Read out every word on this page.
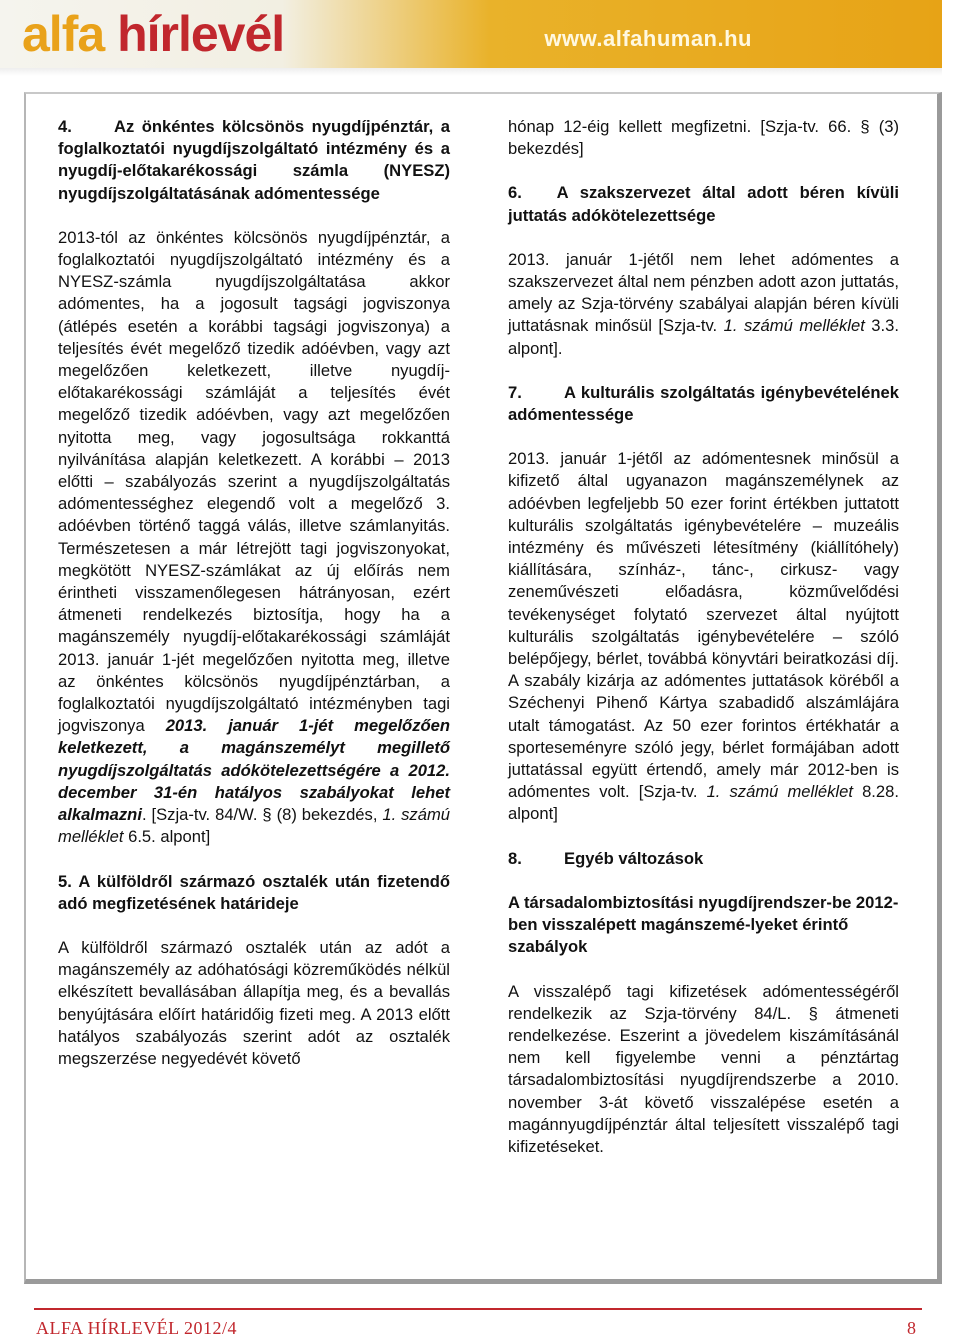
alfa hírlevél	www.alfahuman.hu
4.	Az önkéntes kölcsönös nyugdíjpénztár, a foglalkoztatói nyugdíjszolgáltató intézmény és a nyugdíj-előtakarékossági számla (NYESZ) nyugdíjszolgáltatásának adómentessége

2013-tól az önkéntes kölcsönös nyugdíjpénztár, a foglalkoztatói nyugdíjszolgáltató intézmény és a NYESZ-számla nyugdíjszolgáltatása akkor adómentes, ha a jogosult tagsági jogviszonya (átlépés esetén a korábbi tagsági jogviszonya) a teljesítés évét megelőző tizedik adóévben, vagy azt megelőzően keletkezett, illetve nyugdíj-előtakarékossági számláját a teljesítés évét megelőző tizedik adóévben, vagy azt megelőzően nyitotta meg, vagy jogosultsága rokkanttá nyilvánítása alapján keletkezett. A korábbi – 2013 előtti – szabályozás szerint a nyugdíjszolgáltatás adómentességhez elegendő volt a megelőző 3. adóévben történő taggá válás, illetve számlanyitás. Természetesen a már létrejött tagi jogviszonyokat, megkötött NYESZ-számlákat az új előírás nem érintheti visszamenőlegesen hátrányosan, ezért átmeneti rendelkezés biztosítja, hogy ha a magánszemély nyugdíj-előtakarékossági számláját 2013. január 1-jét megelőzően nyitotta meg, illetve az önkéntes kölcsönös nyugdíjpénztárban, a foglalkoztatói nyugdíjszolgáltató intézményben tagi jogviszonya 2013. január 1-jét megelőzően keletkezett, a magánszemélyt megillető nyugdíjszolgáltatás adókötelezettségére a 2012. december 31-én hatályos szabályokat lehet alkalmazni. [Szja-tv. 84/W. § (8) bekezdés, 1. számú melléklet 6.5. alpont]

5. A külföldről származó osztalék után fizetendő adó megfizetésének határideje

A külföldről származó osztalék után az adót a magánszemély az adóhatósági közreműködés nélkül elkészített bevallásában állapítja meg, és a bevallás benyújtására előírt határidőig fizeti meg. A 2013 előtt hatályos szabályozás szerint adót az osztalék megszerzése negyedévét követő

hónap 12-éig kellett megfizetni. [Szja-tv. 66. § (3) bekezdés]

6. A szakszervezet által adott béren kívüli juttatás adókötelezettsége

2013. január 1-jétől nem lehet adómentes a szakszervezet által nem pénzben adott azon juttatás, amely az Szja-törvény szabályai alapján béren kívüli juttatásnak minősül [Szja-tv. 1. számú melléklet 3.3. alpont].

7.	A kulturális szolgáltatás igénybevételének adómentessége

2013. január 1-jétől az adómentesnek minősül a kifizető által ugyanazon magánszemélynek az adóévben legfeljebb 50 ezer forint értékben juttatott kulturális szolgáltatás igénybevételére – muzeális intézmény és művészeti létesítmény (kiállítóhely) kiállítására, színház-, tánc-, cirkusz- vagy zeneművészeti előadásra, közművelődési tevékenységet folytató szervezet által nyújtott kulturális szolgáltatás igénybevételére – szóló belépőjegy, bérlet, továbbá könyvtári beiratkozási díj. A szabály kizárja az adómentes juttatások köréből a Széchenyi Pihenő Kártya szabadidő alszámlájára utalt támogatást. Az 50 ezer forintos értékhatár a sporteseményre szóló jegy, bérlet formájában adott juttatással együtt értendő, amely már 2012-ben is adómentes volt. [Szja-tv. 1. számú melléklet 8.28. alpont]

8.	Egyéb változások
A társadalombiztosítási nyugdíjrendszer-be 2012-ben visszalépett magánszemé-lyeket érintő szabályok

A visszalépő tagi kifizetések adómentességéről rendelkezik az Szja-törvény 84/L. § átmeneti rendelkezése. Eszerint a jövedelem kiszámításánál nem kell figyelembe venni a pénztártag társadalombiztosítási nyugdíjrendszerbe a 2010. november 3-át követő visszalépése esetén a magánnyugdíjpénztár által teljesített visszalépő tagi kifizetéseket.

ALFA HÍRLEVÉL 2012/4	8
